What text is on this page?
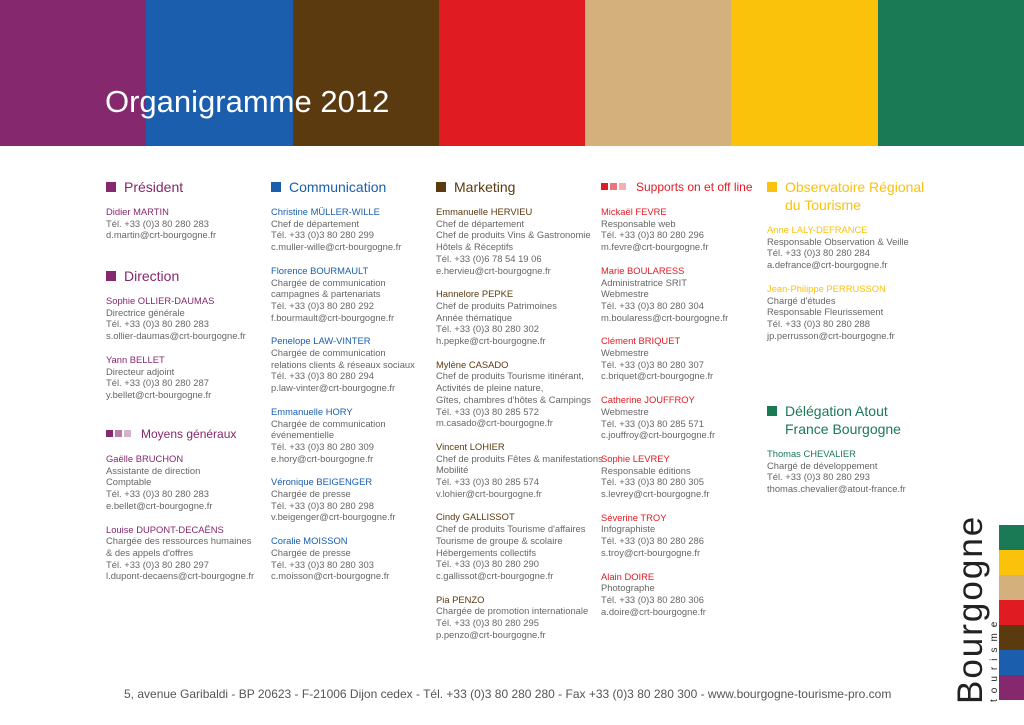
Organigramme 2012
Président
Didier MARTIN
Tél. +33 (0)3 80 280 283
d.martin@crt-bourgogne.fr
Direction
Sophie OLLIER-DAUMAS
Directrice générale
Tél. +33 (0)3 80 280 283
s.ollier-daumas@crt-bourgogne.fr
Yann BELLET
Directeur adjoint
Tél. +33 (0)3 80 280 287
y.bellet@crt-bourgogne.fr
Moyens généraux
Gaëlle BRUCHON
Assistante de direction
Comptable
Tél. +33 (0)3 80 280 283
e.bellet@crt-bourgogne.fr
Louise DUPONT-DECAËNS
Chargée des ressources humaines
& des appels d'offres
Tél. +33 (0)3 80 280 297
l.dupont-decaens@crt-bourgogne.fr
Communication
Christine MÜLLER-WILLE
Chef de département
Tél. +33 (0)3 80 280 299
c.muller-wille@crt-bourgogne.fr
Florence BOURMAULT
Chargée de communication
campagnes & partenariats
Tél. +33 (0)3 80 280 292
f.bourmault@crt-bourgogne.fr
Penelope LAW-VINTER
Chargée de communication
relations clients & réseaux sociaux
Tél. +33 (0)3 80 280 294
p.law-vinter@crt-bourgogne.fr
Emmanuelle HORY
Chargée de communication
événementielle
Tél. +33 (0)3 80 280 309
e.hory@crt-bourgogne.fr
Véronique BEIGENGER
Chargée de presse
Tél. +33 (0)3 80 280 298
v.beigenger@crt-bourgogne.fr
Coralie MOISSON
Chargée de presse
Tél. +33 (0)3 80 280 303
c.moisson@crt-bourgogne.fr
Marketing
Emmanuelle HERVIEU
Chef de département
Chef de produits Vins & Gastronomie
Hôtels & Réceptifs
Tél. +33 (0)6 78 54 19 06
e.hervieu@crt-bourgogne.fr
Hannelore PEPKE
Chef de produits Patrimoines
Année thématique
Tél. +33 (0)3 80 280 302
h.pepke@crt-bourgogne.fr
Mylène CASADO
Chef de produits Tourisme itinérant,
Activités de pleine nature,
Gîtes, chambres d'hôtes & Campings
Tél. +33 (0)3 80 285 572
m.casado@crt-bourgogne.fr
Vincent LOHIER
Chef de produits Fêtes & manifestations
Mobilité
Tél. +33 (0)3 80 285 574
v.lohier@crt-bourgogne.fr
Cindy GALLISSOT
Chef de produits Tourisme d'affaires
Tourisme de groupe & scolaire
Hébergements collectifs
Tél. +33 (0)3 80 280 290
c.gallissot@crt-bourgogne.fr
Pia PENZO
Chargée de promotion internationale
Tél. +33 (0)3 80 280 295
p.penzo@crt-bourgogne.fr
Supports on et off line
Mickaël FEVRE
Responsable web
Tél. +33 (0)3 80 280 296
m.fevre@crt-bourgogne.fr
Marie BOULARESS
Administratrice SRIT
Webmestre
Tél. +33 (0)3 80 280 304
m.boularess@crt-bourgogne.fr
Clément BRIQUET
Webmestre
Tél. +33 (0)3 80 280 307
c.briquet@crt-bourgogne.fr
Catherine JOUFFROY
Webmestre
Tél. +33 (0)3 80 285 571
c.jouffroy@crt-bourgogne.fr
Sophie LEVREY
Responsable éditions
Tél. +33 (0)3 80 280 305
s.levrey@crt-bourgogne.fr
Séverine TROY
Infographiste
Tél. +33 (0)3 80 280 286
s.troy@crt-bourgogne.fr
Alain DOIRE
Photographe
Tél. +33 (0)3 80 280 306
a.doire@crt-bourgogne.fr
Observatoire Régional du Tourisme
Anne LALY-DEFRANCE
Responsable Observation & Veille
Tél. +33 (0)3 80 280 284
a.defrance@crt-bourgogne.fr
Jean-Philippe PERRUSSON
Chargé d'études
Responsable Fleurissement
Tél. +33 (0)3 80 280 288
jp.perrusson@crt-bourgogne.fr
Délégation Atout France Bourgogne
Thomas CHEVALIER
Chargé de développement
Tél. +33 (0)3 80 280 293
thomas.chevalier@atout-france.fr
5, avenue Garibaldi - BP 20623 - F-21006 Dijon cedex - Tél. +33 (0)3 80 280 280 - Fax +33 (0)3 80 280 300 - www.bourgogne-tourisme-pro.com Bourgogne tourisme
